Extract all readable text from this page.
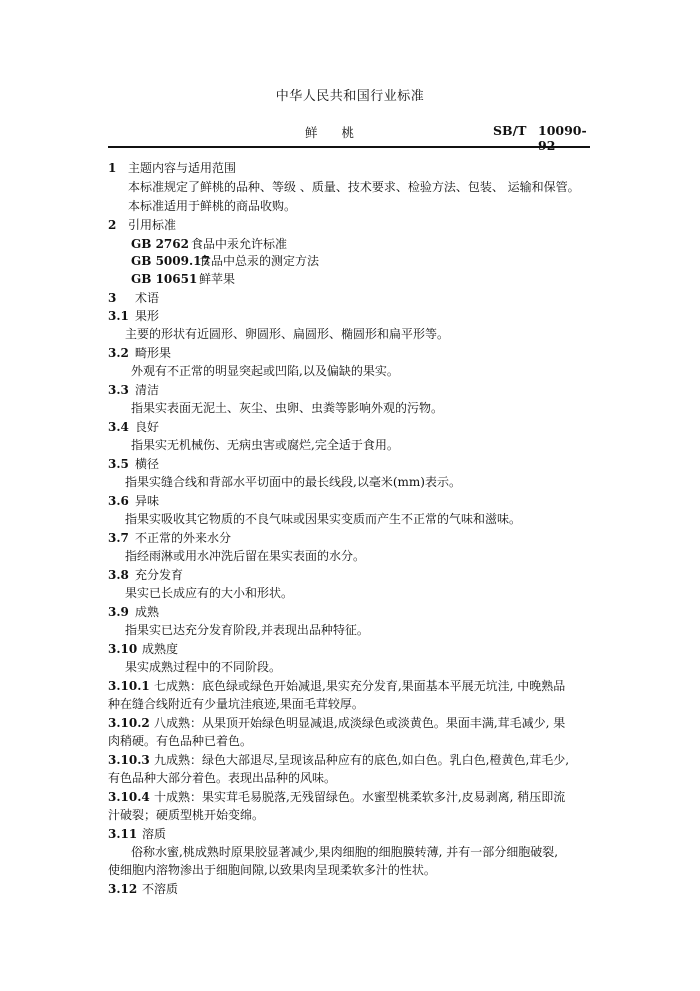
中华人民共和国行业标准
鲜桃	SB/T 10090-92
1 主题内容与适用范围
本标准规定了鲜桃的品种、等级 、质量、技术要求、检验方法、包装、 运输和保管。
本标准适用于鲜桃的商品收购。
2 引用标准
GB 2762 食品中汞允许标准
GB 5009.17食品中总汞的测定方法
GB 10651 鲜苹果
3 术语
3.1 果形
主要的形状有近圆形、卵圆形、扁圆形、椭圆形和扁平形等。
3.2 畸形果
外观有不正常的明显突起或凹陷,以及偏缺的果实。
3.3 清洁
指果实表面无泥土、灰尘、虫卵、虫粪等影响外观的污物。
3.4 良好
指果实无机械伤、无病虫害或腐烂,完全适于食用。
3.5 横径
指果实缝合线和背部水平切面中的最长线段,以毫米(mm)表示。
3.6 异味
指果实吸收其它物质的不良气味或因果实变质而产生不正常的气味和滋味。
3.7 不正常的外来水分
指经雨淋或用水冲洗后留在果实表面的水分。
3.8 充分发育
果实已长成应有的大小和形状。
3.9 成熟
指果实已达充分发育阶段,并表现出品种特征。
3.10 成熟度
果实成熟过程中的不同阶段。
3.10.1 七成熟：底色绿或绿色开始减退,果实充分发育,果面基本平展无坑洼, 中晚熟品
种在缝合线附近有少量坑洼痕迹,果面毛茸较厚。
3.10.2 八成熟：从果顶开始绿色明显减退,成淡绿色或淡黄色。果面丰满,茸毛减少, 果
肉稍硬。有色品种已着色。
3.10.3 九成熟：绿色大部退尽,呈现该品种应有的底色,如白色。乳白色,橙黄色,茸毛少,
有色品种大部分着色。表现出品种的风味。
3.10.4 十成熟：果实茸毛易脱落,无残留绿色。水蜜型桃柔软多汁,皮易剥离, 稍压即流
汁破裂；硬质型桃开始变绵。
3.11 溶质
俗称水蜜,桃成熟时原果胶显著减少,果肉细胞的细胞膜转薄, 并有一部分细胞破裂,
使细胞内溶物渗出于细胞间隙,以致果肉呈现柔软多汁的性状。
3.12 不溶质
